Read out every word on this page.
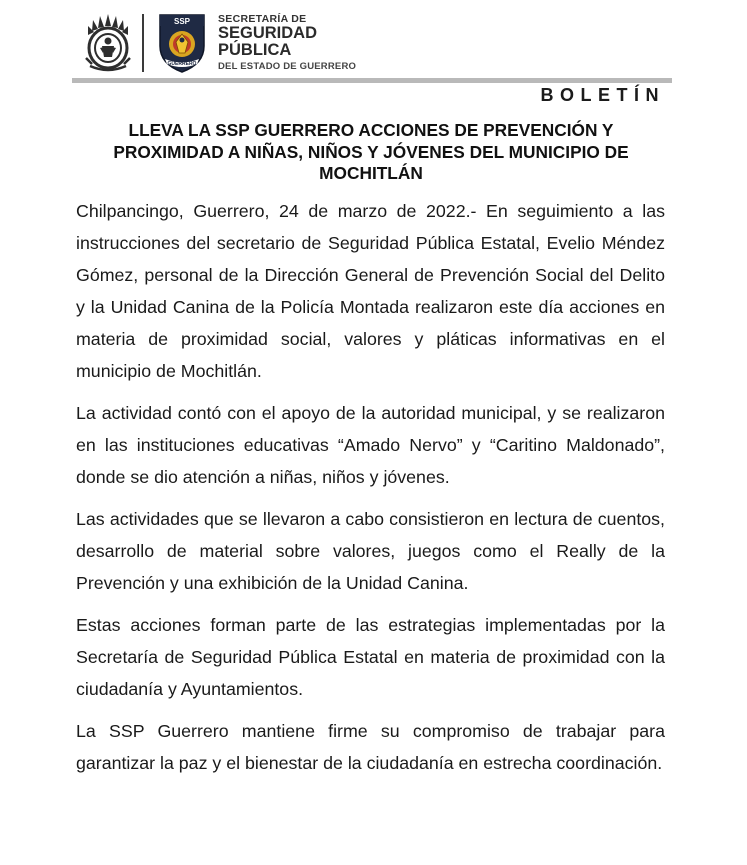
SSP
GUERRERO
SECRETARÍA DE
SEGURIDAD
PÚBLICA
DEL ESTADO DE GUERRERO
BOLETÍN
LLEVA LA SSP GUERRERO ACCIONES DE PREVENCIÓN Y PROXIMIDAD A NIÑAS, NIÑOS Y JÓVENES DEL MUNICIPIO DE MOCHITLÁN

Chilpancingo, Guerrero, 24 de marzo de 2022.- En seguimiento a las instrucciones del secretario de Seguridad Pública Estatal, Evelio Méndez Gómez, personal de la Dirección General de Prevención Social del Delito y la Unidad Canina de la Policía Montada realizaron este día acciones en materia de proximidad social, valores y pláticas informativas en el municipio de Mochitlán.

La actividad contó con el apoyo de la autoridad municipal, y se realizaron en las instituciones educativas “Amado Nervo” y “Caritino Maldonado”, donde se dio atención a niñas, niños y jóvenes.

Las actividades que se llevaron a cabo consistieron en lectura de cuentos, desarrollo de material sobre valores, juegos como el Really de la Prevención y una exhibición de la Unidad Canina.

Estas acciones forman parte de las estrategias implementadas por la Secretaría de Seguridad Pública Estatal en materia de proximidad con la ciudadanía y Ayuntamientos.

La SSP Guerrero mantiene firme su compromiso de trabajar para garantizar la paz y el bienestar de la ciudadanía en estrecha coordinación.
